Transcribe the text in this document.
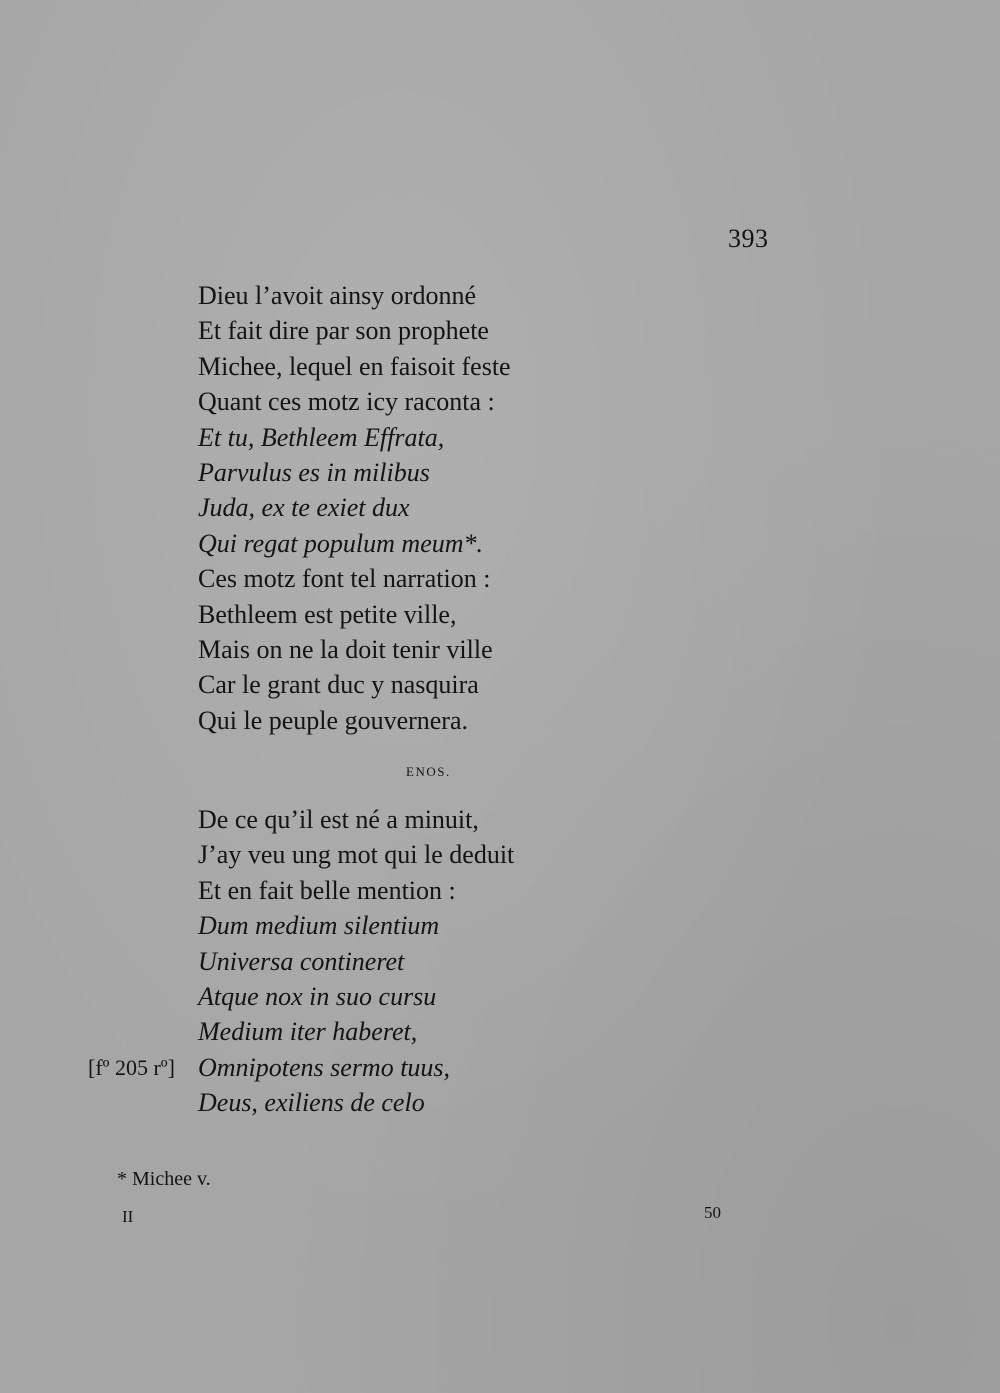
393
Dieu l’avoit ainsy ordonné
Et fait dire par son prophete
Michee, lequel en faisoit feste
Quant ces motz icy raconta :
Et tu, Bethleem Effrata,
Parvulus es in milibus
Juda, ex te exiet dux
Qui regat populum meum*.
Ces motz font tel narration :
Bethleem est petite ville,
Mais on ne la doit tenir ville
Car le grant duc y nasquira
Qui le peuple gouvernera.
ENOS.
De ce qu’il est né a minuit,
J’ay veu ung mot qui le deduit
Et en fait belle mention :
Dum medium silentium
Universa contineret
Atque nox in suo cursu
Medium iter haberet,
Omnipotens sermo tuus,
Deus, exiliens de celo
[fº 205 rº]
* Michee v.
II	50
